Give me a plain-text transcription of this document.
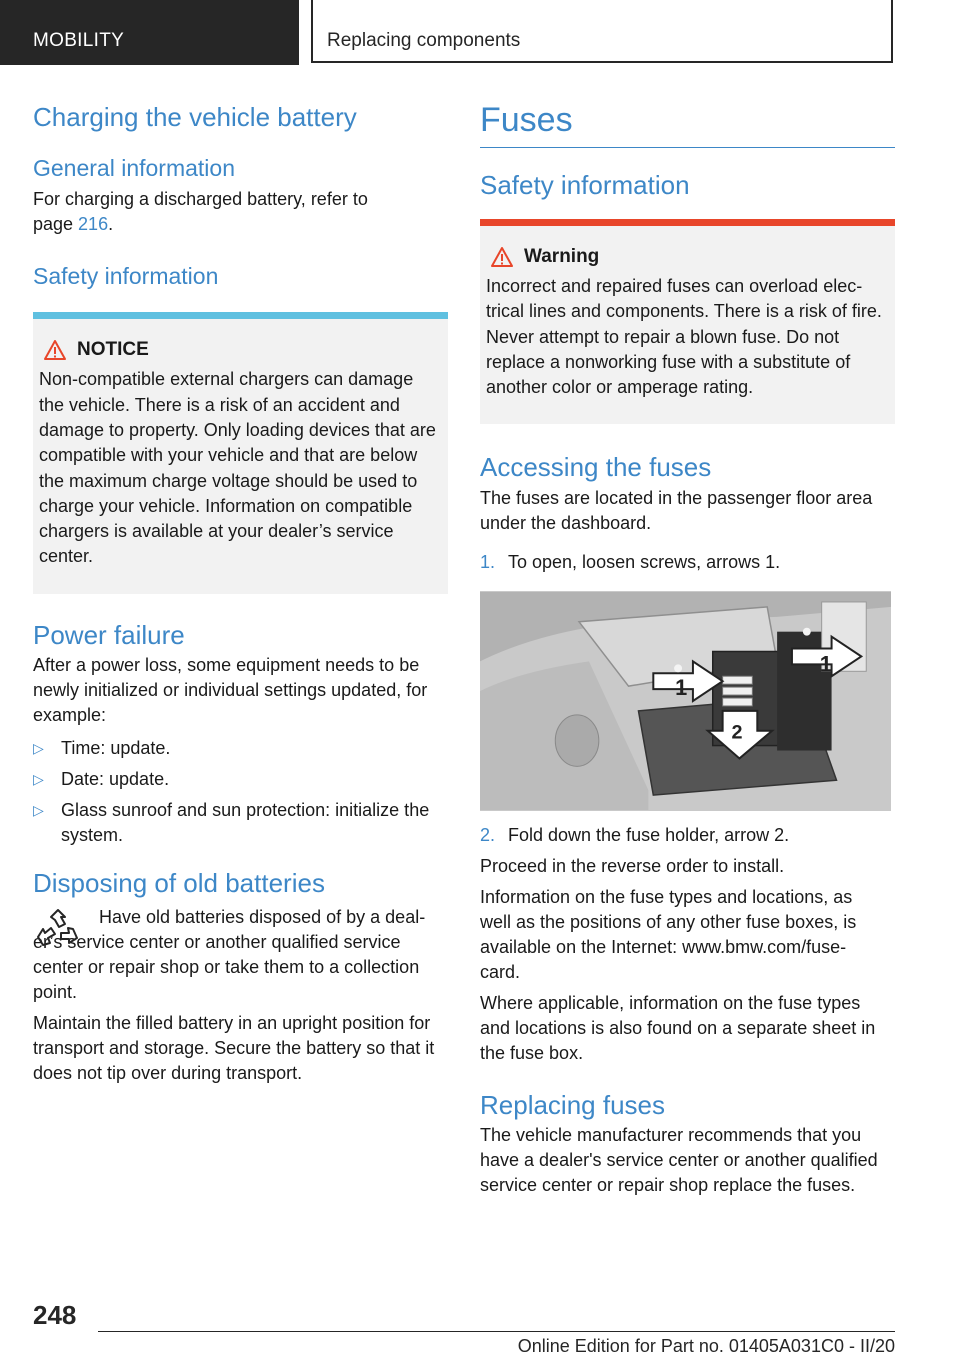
MOBILITY	Replacing components
Charging the vehicle battery
General information

For charging a discharged battery, refer to page 216.

Safety information
NOTICE
Non-compatible external chargers can damage the vehicle. There is a risk of an accident and damage to property. Only loading devices that are compatible with your vehicle and that are below the maximum charge voltage should be used to charge your vehicle. Information on compatible chargers is available at your dealer’s service center.
Power failure

After a power loss, some equipment needs to be newly initialized or individual settings updated, for example:

▷ Time: update.
▷ Date: update.
▷ Glass sunroof and sun protection: initialize the system.
Disposing of old batteries

Have old batteries disposed of by a dealer’s service center or another qualified service center or repair shop or take them to a collection point.

Maintain the filled battery in an upright position for transport and storage. Secure the battery so that it does not tip over during transport.

Fuses
Safety information
Warning
Incorrect and repaired fuses can overload electrical lines and components. There is a risk of fire. Never attempt to repair a blown fuse. Do not replace a nonworking fuse with a substitute of another color or amperage rating.
Accessing the fuses

The fuses are located in the passenger floor area under the dashboard.

1. To open, loosen screws, arrows 1.

1
1
2

2. Fold down the fuse holder, arrow 2.

Proceed in the reverse order to install.

Information on the fuse types and locations, as well as the positions of any other fuse boxes, is available on the Internet: www.bmw.com/fuse-card.

Where applicable, information on the fuse types and locations is also found on a separate sheet in the fuse box.

Replacing fuses

The vehicle manufacturer recommends that you have a dealer's service center or another qualified service center or repair shop replace the fuses.

248
Online Edition for Part no. 01405A031C0 - II/20
